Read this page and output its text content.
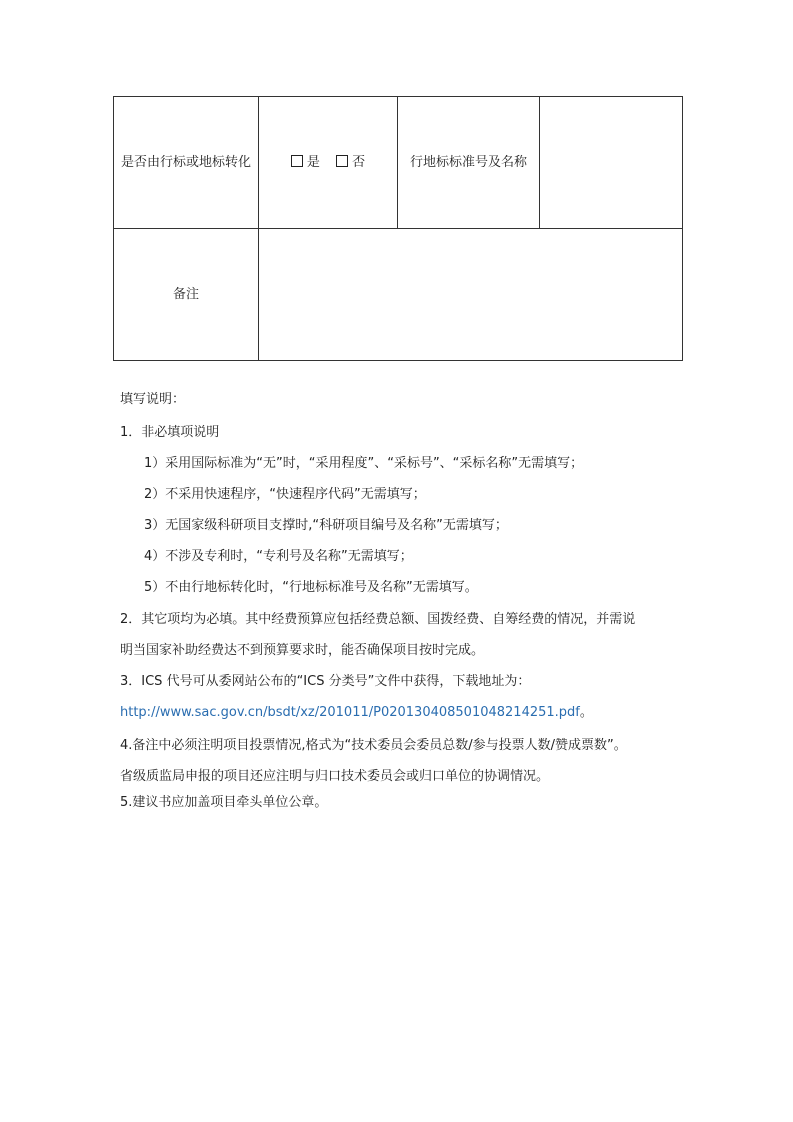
是否由行标或地标转化	是 否	行地标标准号及名称	
备注			
填写说明：
1．非必填项说明
1）采用国际标准为“无”时，“采用程度”、“采标号”、“采标名称”无需填写；
2）不采用快速程序，“快速程序代码”无需填写；
3）无国家级科研项目支撑时,“科研项目编号及名称”无需填写；
4）不涉及专利时，“专利号及名称”无需填写；
5）不由行地标转化时，“行地标标准号及名称”无需填写。
2．其它项均为必填。其中经费预算应包括经费总额、国拨经费、自筹经费的情况，并需说
明当国家补助经费达不到预算要求时，能否确保项目按时完成。
3．ICS 代号可从委网站公布的“ICS 分类号”文件中获得，下载地址为：
http://www.sac.gov.cn/bsdt/xz/201011/P020130408501048214251.pdf。
4.备注中必须注明项目投票情况,格式为“技术委员会委员总数/参与投票人数/赞成票数”。
省级质监局申报的项目还应注明与归口技术委员会或归口单位的协调情况。
5.建议书应加盖项目牵头单位公章。
